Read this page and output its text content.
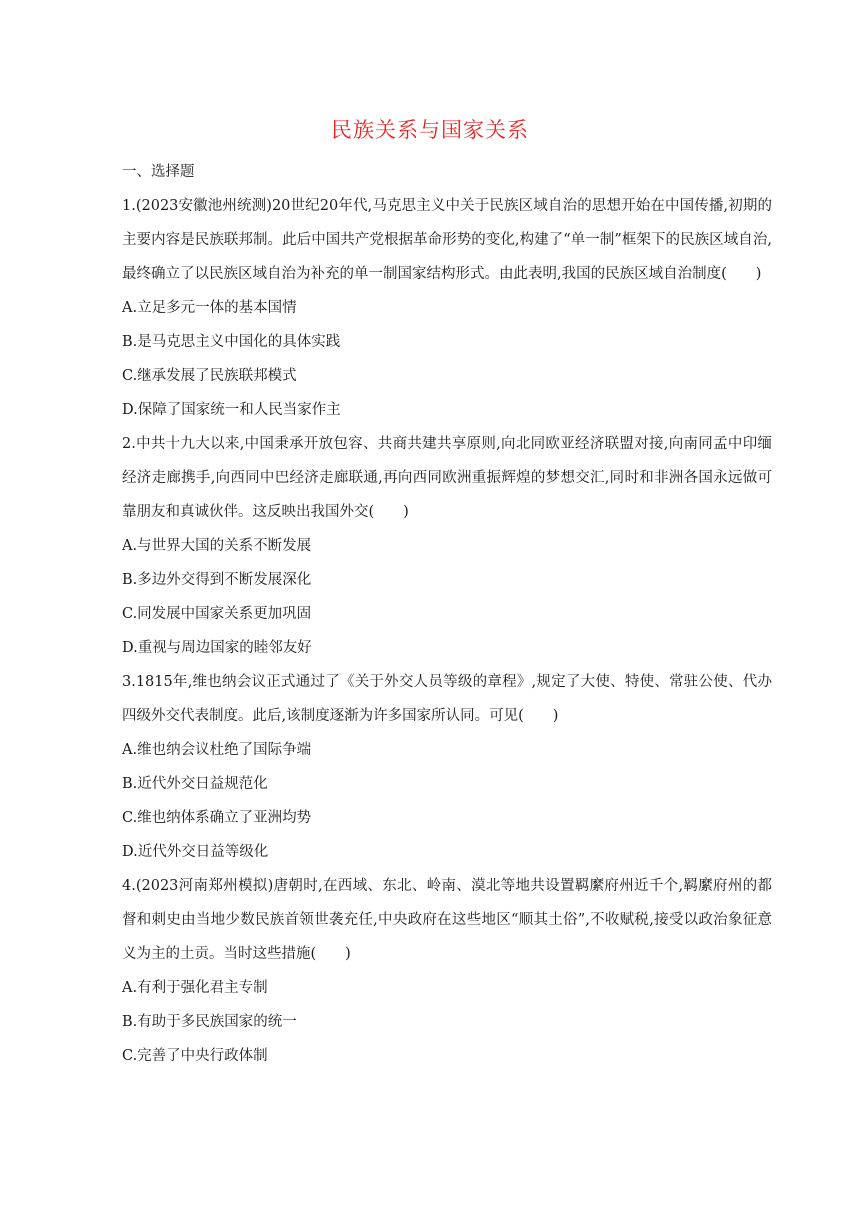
民族关系与国家关系
一、选择题
1.(2023安徽池州统测)20世纪20年代,马克思主义中关于民族区域自治的思想开始在中国传播,初期的主要内容是民族联邦制。此后中国共产党根据革命形势的变化,构建了“单一制”框架下的民族区域自治,最终确立了以民族区域自治为补充的单一制国家结构形式。由此表明,我国的民族区域自治制度(　　)
A.立足多元一体的基本国情
B.是马克思主义中国化的具体实践
C.继承发展了民族联邦模式
D.保障了国家统一和人民当家作主
2.中共十九大以来,中国秉承开放包容、共商共建共享原则,向北同欧亚经济联盟对接,向南同孟中印缅经济走廊携手,向西同中巴经济走廊联通,再向西同欧洲重振辉煌的梦想交汇,同时和非洲各国永远做可靠朋友和真诚伙伴。这反映出我国外交(　　)
A.与世界大国的关系不断发展
B.多边外交得到不断发展深化
C.同发展中国家关系更加巩固
D.重视与周边国家的睦邻友好
3.1815年,维也纳会议正式通过了《关于外交人员等级的章程》,规定了大使、特使、常驻公使、代办四级外交代表制度。此后,该制度逐渐为许多国家所认同。可见(　　)
A.维也纳会议杜绝了国际争端
B.近代外交日益规范化
C.维也纳体系确立了亚洲均势
D.近代外交日益等级化
4.(2023河南郑州模拟)唐朝时,在西域、东北、岭南、漠北等地共设置羁縻府州近千个,羁縻府州的都督和刺史由当地少数民族首领世袭充任,中央政府在这些地区“顺其土俗”,不收赋税,接受以政治象征意义为主的土贡。当时这些措施(　　)
A.有利于强化君主专制
B.有助于多民族国家的统一
C.完善了中央行政体制
